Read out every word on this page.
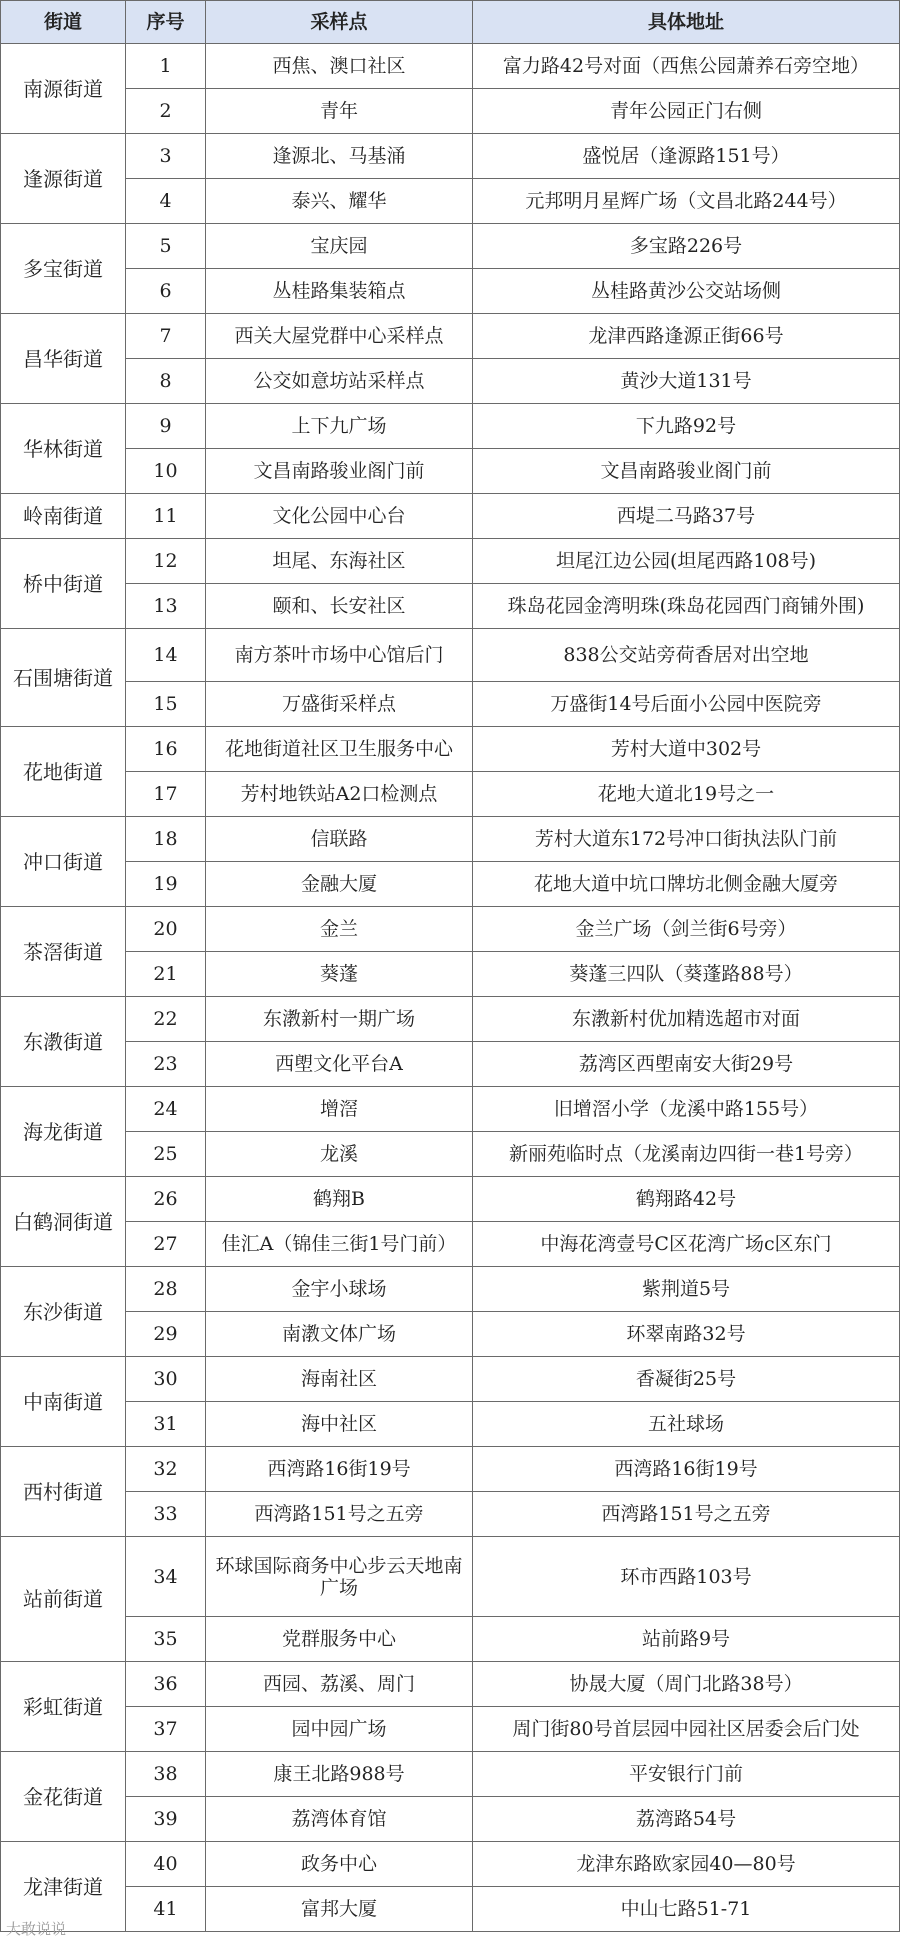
街道	序号	采样点	具体地址
南源街道	1	西焦、澳口社区	富力路42号对面（西焦公园萧养石旁空地）
	2	青年	青年公园正门右侧
逢源街道	3	逢源北、马基涌	盛悦居（逢源路151号）
	4	泰兴、耀华	元邦明月星辉广场（文昌北路244号）
多宝街道	5	宝庆园	多宝路226号
	6	丛桂路集装箱点	丛桂路黄沙公交站场侧
昌华街道	7	西关大屋党群中心采样点	龙津西路逢源正街66号
	8	公交如意坊站采样点	黄沙大道131号
华林街道	9	上下九广场	下九路92号
	10	文昌南路骏业阁门前	文昌南路骏业阁门前
岭南街道	11	文化公园中心台	西堤二马路37号
桥中街道	12	坦尾、东海社区	坦尾江边公园(坦尾西路108号)
	13	颐和、长安社区	珠岛花园金湾明珠(珠岛花园西门商铺外围)
石围塘街道	14	南方茶叶市场中心馆后门	838公交站旁荷香居对出空地
	15	万盛街采样点	万盛街14号后面小公园中医院旁
花地街道	16	花地街道社区卫生服务中心	芳村大道中302号
	17	芳村地铁站A2口检测点	花地大道北19号之一
冲口街道	18	信联路	芳村大道东172号冲口街执法队门前
	19	金融大厦	花地大道中坑口牌坊北侧金融大厦旁
茶滘街道	20	金兰	金兰广场（剑兰街6号旁）
	21	葵蓬	葵蓬三四队（葵蓬路88号）
东漖街道	22	东漖新村一期广场	东漖新村优加精选超市对面
	23	西塱文化平台A	荔湾区西塱南安大街29号
海龙街道	24	增滘	旧增滘小学（龙溪中路155号）
	25	龙溪	新丽苑临时点（龙溪南边四街一巷1号旁）
白鹤洞街道	26	鹤翔B	鹤翔路42号
	27	佳汇A（锦佳三街1号门前）	中海花湾壹号C区花湾广场c区东门
东沙街道	28	金宇小球场	紫荆道5号
	29	南漖文体广场	环翠南路32号
中南街道	30	海南社区	香凝街25号
	31	海中社区	五社球场
西村街道	32	西湾路16街19号	西湾路16街19号
	33	西湾路151号之五旁	西湾路151号之五旁
站前街道	34	环球国际商务中心步云天地南广场	环市西路103号
	35	党群服务中心	站前路9号
彩虹街道	36	西园、荔溪、周门	协晟大厦（周门北路38号）
	37	园中园广场	周门街80号首层园中园社区居委会后门处
金花街道	38	康王北路988号	平安银行门前
	39	荔湾体育馆	荔湾路54号
龙津街道	40	政务中心	龙津东路欧家园40—80号
	41	富邦大厦	中山七路51-71
大敢说说
